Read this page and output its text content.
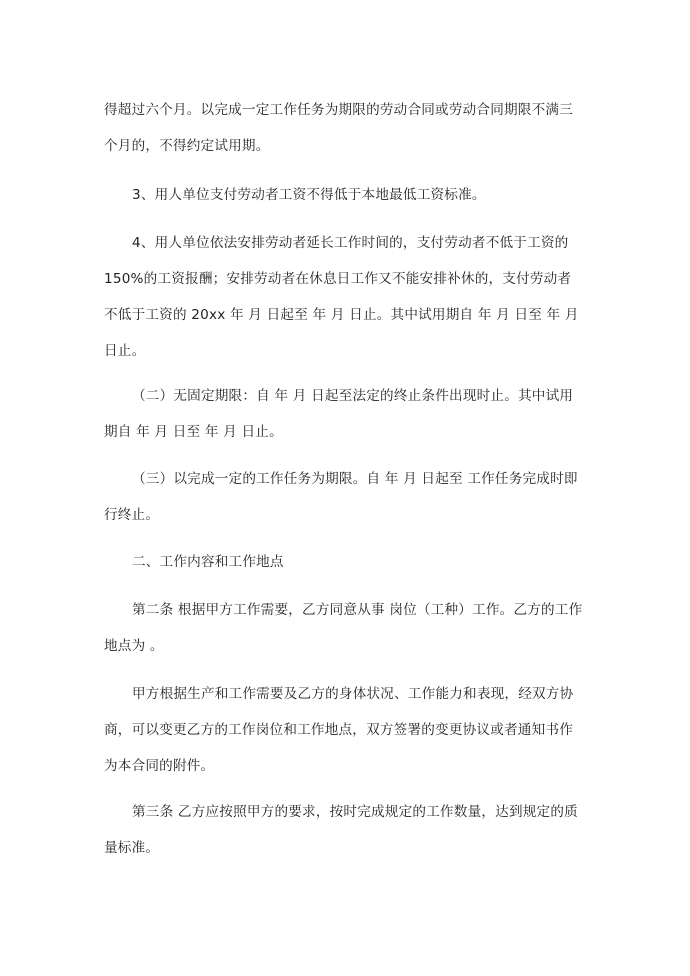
得超过六个月。以完成一定工作任务为期限的劳动合同或劳动合同期限不满三
个月的，不得约定试用期。
3、用人单位支付劳动者工资不得低于本地最低工资标准。
4、用人单位依法安排劳动者延长工作时间的，支付劳动者不低于工资的
150%的工资报酬；安排劳动者在休息日工作又不能安排补休的，支付劳动者
不低于工资的 20xx 年 月 日起至 年 月 日止。其中试用期自 年 月 日至 年 月
日止。
（二）无固定期限：自 年 月 日起至法定的终止条件出现时止。其中试用
期自 年 月 日至 年 月 日止。
（三）以完成一定的工作任务为期限。自 年 月 日起至 工作任务完成时即
行终止。
二、工作内容和工作地点
第二条 根据甲方工作需要，乙方同意从事 岗位（工种）工作。乙方的工作
地点为 。
甲方根据生产和工作需要及乙方的身体状况、工作能力和表现，经双方协
商，可以变更乙方的工作岗位和工作地点，双方签署的变更协议或者通知书作
为本合同的附件。
第三条 乙方应按照甲方的要求，按时完成规定的工作数量，达到规定的质
量标准。
